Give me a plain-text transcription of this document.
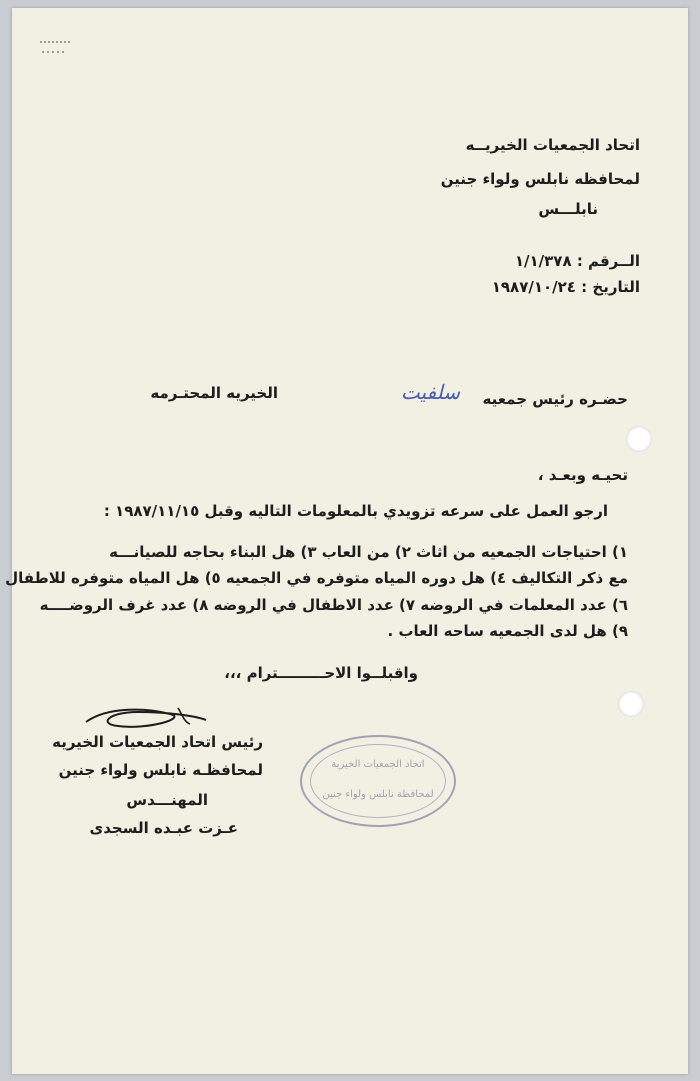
اتحاد الجمعيات الخيريــه
لمحافظه نابلس ولواء جنين
نابلـــس
الــرقم : ١/١/٣٧٨
التاريخ : ١٩٨٧/١٠/٢٤
حضـره رئيس جمعيه
سلفيت
الخيريه المحتـرمه
تحيـه وبعـد ،
ارجو العمل على سرعه تزويدي بالمعلومات التاليه وقبل ١٩٨٧/١١/١٥ :
١) احتياجات الجمعيه من اثاث ٢) من العاب ٣) هل البناء بحاجه للصيانـــه
مع ذكر التكاليف ٤) هل دوره المياه متوفره في الجمعيه ٥) هل المياه متوفره للاطفال
٦) عدد المعلمات في الروضه ٧) عدد الاطفال في الروضه ٨) عدد غرف الروضــــه
٩) هل لدى الجمعيه ساحه العاب .
واقبلــوا الاحـــــــــترام ،،،
رئيس اتحاد الجمعيات الخيريه
لمحافظـه نابلس ولواء جنين
المهنـــدس
عـزت عبـده السجدى
اتحاد الجمعيات الخيرية
لمحافظة نابلس ولواء جنين
